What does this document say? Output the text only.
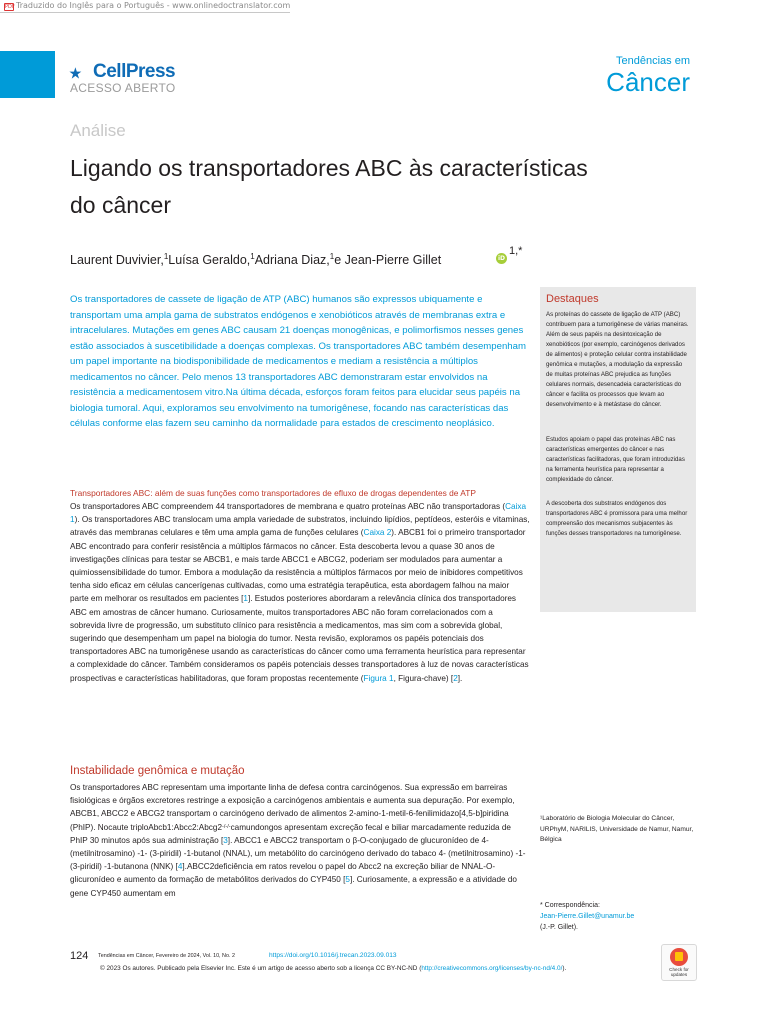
PDFTraduzido do Inglês para o Português - www.onlinedoctranslator.com
⭑ CellPress
ACESSO ABERTO
Tendências em
Câncer
Análise
Ligando os transportadores ABC às características
do câncer
Laurent Duvivier,$^1$Luísa Geraldo,$^1$Adriana Diaz,$^1$e Jean-Pierre Gillet	iD
1,*
Os transportadores de cassete de ligação de ATP (ABC) humanos são expressos ubiquamente e transportam uma ampla gama de substratos endógenos e xenobióticos através de membranas extra e intracelulares. Mutações em genes ABC causam 21 doenças monogênicas, e polimorfismos nesses genes estão associados à suscetibilidade a doenças complexas. Os transportadores ABC também desempenham um papel importante na biodisponibilidade de medicamentos e mediam a resistência a múltiplos medicamentos no câncer. Pelo menos 13 transportadores ABC demonstraram estar envolvidos na resistência a medicamentosem vitro.Na última década, esforços foram feitos para elucidar seus papéis na biologia tumoral. Aqui, exploramos seu envolvimento na tumorigênese, focando nas características das células conforme elas fazem seu caminho da normalidade para estados de crescimento neoplásico.
Destaques

As proteínas do cassete de ligação de ATP (ABC) contribuem para a tumorigênese de várias maneiras. Além de seus papéis na desintoxicação de xenobióticos (por exemplo, carcinógenos derivados de alimentos) e proteção celular contra instabilidade genômica e mutações, a modulação da expressão de muitas proteínas ABC prejudica as funções celulares normais, desencadeia características do câncer e facilita os processos que levam ao desenvolvimento e à metástase do câncer.

Estudos apoiam o papel das proteínas ABC nas características emergentes do câncer e nas características facilitadoras, que foram introduzidas na ferramenta heurística para representar a complexidade do câncer.

A descoberta dos substratos endógenos dos transportadores ABC é promissora para uma melhor compreensão dos mecanismos subjacentes às funções desses transportadores na tumorigênese.

Transportadores ABC: além de suas funções como transportadores de efluxo de drogas dependentes de ATP
Os transportadores ABC compreendem 44 transportadores de membrana e quatro proteínas ABC não transportadoras (Caixa 1). Os transportadores ABC translocam uma ampla variedade de substratos, incluindo lipídios, peptídeos, esteróis e vitaminas, através das membranas celulares e têm uma ampla gama de funções celulares (Caixa 2). ABCB1 foi o primeiro transportador ABC encontrado para conferir resistência a múltiplos fármacos no câncer. Esta descoberta levou a quase 30 anos de investigações clínicas para testar se ABCB1, e mais tarde ABCC1 e ABCG2, poderiam ser modulados para aumentar a quimiossensibilidade do tumor. Embora a modulação da resistência a múltiplos fármacos por meio de inibidores competitivos tenha sido eficaz em células cancerígenas cultivadas, como uma estratégia terapêutica, esta abordagem falhou na maior parte em melhorar os resultados em pacientes [1]. Estudos posteriores abordaram a relevância clínica dos transportadores ABC em amostras de câncer humano. Curiosamente, muitos transportadores ABC não foram correlacionados com a sobrevida livre de progressão, um substituto clínico para resistência a medicamentos, mas sim com a sobrevida global, sugerindo que desempenham um papel na biologia do tumor. Nesta revisão, exploramos os papéis potenciais dos transportadores ABC na tumorigênese usando as características do câncer como uma ferramenta heurística para representar a complexidade do câncer. Também consideramos os papéis potenciais desses transportadores à luz de novas características prospectivas e características habilitadoras, que foram propostas recentemente (Figura 1, Figura-chave) [2].
Instabilidade genômica e mutação
Os transportadores ABC representam uma importante linha de defesa contra carcinógenos. Sua expressão em barreiras fisiológicas e órgãos excretores restringe a exposição a carcinógenos ambientais e aumenta sua depuração. Por exemplo, ABCB1, ABCC2 e ABCG2 transportam o carcinógeno derivado de alimentos 2-amino-1-metil-6-fenilimidazo[4,5-b]piridina (PhIP). Nocaute triploAbcb1:Abcc2:Abcg2-/-/-camundongos apresentam excreção fecal e biliar marcadamente reduzida de PhIP 30 minutos após sua administração [3]. ABCC1 e ABCC2 transportam o β-O-conjugado de glucuronídeo de 4- (metilnitrosamino) -1- (3-piridil) -1-butanol (NNAL), um metabólito do carcinógeno derivado do tabaco 4- (metilnitrosamino) -1- (3-piridil) -1-butanona (NNK) [4].ABCC2deficiência em ratos revelou o papel do Abcc2 na excreção biliar de NNAL-O-glicuronídeo e aumento da formação de metabólitos derivados do CYP450 [5]. Curiosamente, a expressão e a atividade do gene CYP450 aumentam em
¹Laboratório de Biologia Molecular do Câncer, URPhyM, NARILIS, Universidade de Namur, Namur, Bélgica
* Correspondência:
Jean-Pierre.Gillet@unamur.be
(J.-P. Gillet).
124 Tendências em Câncer, Fevereiro de 2024, Vol. 10, No. 2	https://doi.org/10.1016/j.trecan.2023.09.013
© 2023 Os autores. Publicado pela Elsevier Inc. Este é um artigo de acesso aberto sob a licença CC BY-NC-ND (http://creativecommons.org/licenses/by-nc-nd/4.0/).	Check for
updates
